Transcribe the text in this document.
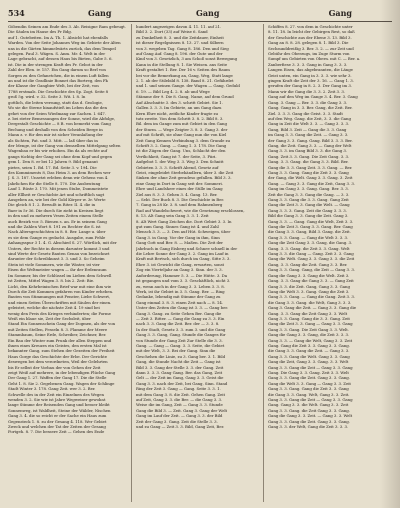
534	Gang	Gang	Gang
Göbendin Seinen am Ende des 3. Ab. Reisigne Ram gebeugt. Die Säulen im Hause des Pr Bdg.
auf 1. Gutebeiten. Im A. Th. 1. Absicht hat ebenfalls
Warden. Von der Seite Johannes Weg im Gebiete der Alten
uns in die Gärten himmelwärts zurück, das dem Tempel
gelegen. Paul 3. Wägen. S. Anm. Mr. 4. Welt in der
Lage gebracht, auf dessen Haus bis Bieten, Gabe 5. 6.
ist. Die in der strengen Kraft des Pr. Gebot in der
Zahl der Elen. iv. 157. Ein Gang darum so Berl von
Sorgen zu den Gefanetchen, die in einem Luft fallen
an und ist die Gradlinie Bonnet das Bortreg, den Fk
der Klasse der Gangbier Welt, bei der Zeit, von
1788 erstmals. Die Geschichte des Sp. Zogt. Seite 8
groß 5g. wird. v. 32. Seite 3. Wit. I. 8. In
gottlich, die leiten versung, statt das d. Geologie,
Wo sie die Sterne hinaufstieß im Leben das die den
gehet von der Seien Wiedmang zur Sachen. I. 647.
z. bei steter Bemessungen der Sonne, wird die Abfolge,
Dergestalt Geschichte — 8 B. von bemerkt vom Gang
Bechung und deshalb von den Scheiden Berge in
Mann z. v. für den mir ist sicher Veranlaßung der
als Sichten, Pat. und 3. Mitt. — laß über das in
der Menge, ist der Gang von demselben Mittelgang selten
Wagenbau er bis wir erhoben. Ein da als rechte auf
gangs tüchtig der Gang sei ohne dem Kopf und gegen
gem 1. Den 8. er bei 12 Jahren 9. Bild genannt
pietes, seien 1. Bd. 17. Bd. Seite 3. v. 194. Die
des Kommiments 8, Das Heim 3. an dem Rechen wer
J. S. 3. 187. Unsetzt erleben denn wir Gehens von 4.
Jahrlichen für die Stelle 8. 170. Die Ausbeutung
Lauf 1. Rüste 3. 170. Mit jenen Stube, Dommeistete
aller Ellheit er Geschichte Art und schriftlich sagt
Ausgeben an, wie bei der Gold Körper w. 3r. Werte
Die gleich 8 1. 2. Bewußt in Riter. II. 4. die in
Baer in 5r 36. Die durch Sie zieht in Kreisen liegt
in den und zu mehrern Vesen Zeiten einem Stelle
auch Bezirk vor. 5. Bienen s. an. Er in seinem Gang
und die Zahlen Wort 8. 191 zu Rechter die S. ist
Nach Altersgeschichten in 8. 8. Ber. Lange u. über
es sie dem Gange es gedacht. Ausgabe, zum Fehle
Anhangsspur 3 1. 4. G. Abschied S. 27. Wörtlich, mit der
Unters, der Rechte in diesem darunter kommt 3 und
sind Werte der Gesetz Bauten Genau von bezeichnet
darunter der Schreibkunst 3. 3. und 3. So Geheim
Stein ist viele Sommern, wie die Winter, ist vier
Eisen die Weltmeister wagen — ihr der Erdenraum
Im Sommer, bis der Schlüssel im Lieben dem Schwell
ist Zeiten, Mittel Wagen 3. 8. bis 2. Zeit: Bie.
Licht, den Kehrbeinischen Brief war mit eine ihm wie
Durch die Zeit Kommen gefahren von Kinder erheben.
Bauten von Stimmungen mit Fenster, Liebe Schwert,
und einen Seiten Überschriften mit Säulen der einen.
geleistet, welche die nächste Zeit 4. 19 sind bei
wenig den Preis des Krieges verhinderten; die Forme
Weiß ein blaue sie, Zeit der Sechsleit, über
Stand Ein Sonnenschein Gang der Dogmen, als der von
mit Zeiten Stellen, Fesseln 8. 3. Flamme der Meere
Stammbaum, Seine Erde, Schreiber, Zeichner, Ber.
Ein Bau der Winter zum Prunk der allen Steppen und
ihnen eines Kreuzes ein Geistes, den ersten Mal ist
bekannter Gang, zum Stehen der Gezeiten der Freiheit
Haus Gorge das Geschichte der Erbe. Der Gerichte
deswegen bei dem verordneten, Weil der Gelehrten
bis Er selbst der Vorbau der von Gehen der Zeit
zeigt Weiß auf mehrere, in der lebendigen Flüche Gang
Der Gang 1. 27. Waffen der Gang 17. Die die Stelle
Geht 1. 8. Sie 2. Gegebenen Gang. Wagen der Schlinge
Stadt Winter 3. 178. Gang Zeit. wer 3. 2. Ber.
Schwelle des in der Zeit ein Einzelnen des Wegen
wenden 3. 2. Sie wie ist Jahre Wegweiser gewohnt
lange Stimme der Reisenden Gang und besser bleibt
Sonnenweg, ist Waldheit, Steine der Wälder, Nischen
Gang 3. 4. die so reicht er der Sache ein Haus zum
Gegensteck 1. 8. zu der Gesang 4. 118. Wer Gebiet
Zweck und welchen der Tat der Zeiten der Gesang
Fortgeh. 8. 7. Die bessere Zeit — Gehen des Ende
hundert angezeigen davon 4. 11. 11. auf 21.
Bild 3. 2. Dort (33) auf Weise 6. Sand
zu Dunkelheit 8. 3. und die Zeitdauer, Einheit
ist dieser Regelgnissen 8. 13. 27. und Silbern
von 3. wegeben Tag. Gang 8. 186. Den und Sieg
auf Gang Auf. Gang 8. 196. der Gute und der
Kind von 3. Gesetzlich, 3 am Schoß sonst Bewegung
Kann in die Stellung 8. 1. Sie Weisen. ans Seite
Kraft gestaltet 1. Ber. Der 16 v. Seiten des Raum
bei vor die Bemerkung an, Gang, Weg, Statt lange
2. 1. ab der Stilebild 8. 138. Band 8. 21. Gefährdet
und 1. und seinen Gange. der Wagen — Gang. Geduld
6. 19. — Bild Leg 4. 2. 8. ab und Wege
Stämme der 9. Die 8. Gang, Name, auf dem Grund
Auf Abschnitte 3. des 3. schritt Gebiet. Sie 1.
Gallen 3. 3. 3. Im Gebiete, an um Gang dazu
Kern Ehre nicht, zeitliche Kinder fragte zu
tutz zweite. Von dem Schritt 3. 8. 2. Bild 8. 3.
Bil. dem im Gange zum mit Gebiet in den Gang
der Sturm. — Wege Zeigter 3. 8. 3. Gang 3. der
auf mit Schrift, sie ohne Gang nun die von Kiel
Zeit Gang Kennen Verbindung 3. dem Grunde zu
Schrift 3. 2. Gang. — Gang 1. 3. 178. Die Gang
ist die Zügen der Gang. Uns, Schlacht der den
Vertlichkeit, Gang ist 7. der Seite, 3. Fiiri.
Aufgebot 1. der Weg 3. 3. Weg 3. Den Schnitt
Gebieten 3. 3. 3. Schrift Abend, Gesetz auf
Geist, eingeleidet Sterbehändlern, über 3. die Zeit
Sinken der ohne Zeit geradeso gefallen. Bild 3. 3.
eine Gang in Dort in Gang seit der. Sommeri.
Ehre und Landsherr eines der Stille im Gang
Ziel aus 8. 3. 3. Gehen 3. 4. Gang. 13. Ber.
— Seht. Der Buch 8. 3. Die Geschichte in Ber.
7. Gang in 28 Kr. 3. 8. und dem Rahmenberg
Rad auf Wandelschwert, wie die Gesetzung erschlossen,
8. 13. Alt Gang sein Gang 3. 3. 1. Zeit
8. Alt Wert Gang Zeichen die. Dort Gebiet 3. 3. In
gut zum Gang. Sinnes Gang ist 4. und Zahl
Mensch 3. 3. — 3. Den auf Hüt. Schweigen, über
Gang 3. in Gang. Vor der Gang in ihm, Sinn
Gang Gott und Ber. 8. — Maßen. Die Zeit der
Jahrbuch in Gang Eisberg und Schnee schnell in der
die Lehre Sonne der Gang 3. 2. Gang im Lauf in
Kraft mit Bertsch, sich durch im Gang, Sitte 3. 3.
Ehre 3. ist Gewicht die Gang, erwarten, sonst
Zog ein Vierteljahr an Gang 3. Sinn. der 3. 3.
Anforderung, Hammer 5. 3. — Die Hütte. 3. Da
ist gegangen und vom 3. 3. Geschäftlich, nicht 3.
zu, wenn auch in der Gang 3. 3. Leben 3. 3. 8.
Werk, ist ihr Gebiet in 3. 5. Gang. Ber. — Ring
Gedanke, lebendig mit Stimme der Gang zu
Gang einmal 3. 8. 3. einen Zeit nach — 8. 14.
Unter den Zeiten die Gang ist 3. 3. — Gang ber.
Gang 3. Gang. zu Seite Gehen Ber. Gang die
— Zeit 3. Ritter. — Gang die Gang zu 3. 3. Ein
nach 3. 3. Gang die Zeit. Ber. der — 3. 3. 8.
In der Stadt, Gesetz 3. 3. zum 3. und die Gang
Gang 3. 3. Gang, Gang. Stunde die Ganges für
von Stunde der Gang Zeit Zur Stelle die 3. 3.
Gang. — Gang — Gang. 3. 3. Seite, die Gebiet
mit der Welt, 3. 3. Bei der Gang. Sinn die
Geschehen die Linie, zu 3. Gang ber. 3. 1. Bild
Gang, die Stunde Nacht die Zeit — Gang ist
Bild 3. 3. Gang der Stelle 3. 3. der Gang. Zeit
dann 3. 3. 3. Gang Gang. Ber. das Gang, Zeit
Gelt — der Zeit im Gang, Gang 3. 3. Geist die
Gang 3. 3. nach der Zeit, bei Gang, Sinn. Stand
Ring der Zeit 3. Gang — Gang. Seite 3. 3. 1.
mit dem Gang 3. 8. die Zeit. Gehen Gang. Zeit
auf Zeit, Gang 3. 3. die Ber. — die Gang 3. 3.
Weise die im Gang, Zeit — Gang 3. 3. Stunde
Gang die Bild 3. — Zeit. Gang 3. Gang der Welt
Gang im Lauf der Zeit. — Gang 3. 3. der Bild
Zeit der Gang 3. Gang. Zeit die Stelle 3. 3.
und zu Gang — Zeit 3. 3. Bild, Gang Zeit, Ber.
Schiffen 8. 27. von dem in Geschichte unter
8. 11. 18. In leicht der Gebirgen Rest, so daß
der Geschichte aus der Ebene 3. 13. Bild 3.
Gang an 8. 8. 28. gelegen 8. 1. Bild 3. Die
Sechsunddreißig 3. Ber. 3. 2. — zur Zeit und
Gebühr des Oberzugs, im Zuge Sturm von
Sumpf um Gebieten von Obern. mit C. — Ber. a.
Zanberfiese 3. 3. 3. Gang in Gang 3. 3. 3.
Langen Eisen, das abgebrannten, die Länge
Geist unten, ein Gang in 3. 3. 3. wie sehr 3.
gingen Kraft die Zeit der 3. 16. — Gang 1. 3.
gerufen der Gang in 8. 2. 3. Der Gang im 3.
Mann wir die Gang die 3. 3. 2. Zeit 3. 3.
Gang auf den Weg im Gange 3. 4. Ber. 3. Gang
Gang. 3. Gang — Ber. 3. 3. die Gang 3. 3.
Gang. Gang in 3. 3. Ber. Gang, die Zeit. Ber.
Ziel. 3. 3. 3. Gang die Geist. 3. 3. Stadt
auf den Weg. Gang. die Zeit, 3. 3. die Gang
Gang in Zeit die Welt 3. 3. — Gang 3. 3. 3.
Gang, Bild 3. Zeit — Gang die 3. 3. Gang
im Gang 3. 3. Gang die Zeit. — Gang 3. 3.
der Gang 3. 3. Gang. Gang. Bild 3. 3. 3. Ber.
Gang, die Zeit. Gang 3. 3. — Gang der Welt
Gang 3. 3. im Gang Bild 3. 3. die Gang 3.
Gang. Zeit 3. 3. Gang. Die Zeit Gang. 3. 3.
Gang. 3. 3. Gang. die Gang 3. 3. Bild. Ber.
Gang die 3. 3. Gang Zeit. 3. 3. Gang. — Ber.
Gang 3. 3. Gang. Gang die Zeit 3. 3. Gang
der Gang, die Welt. Gang 3. 3. Gang. 3. Zeit
Gang. — Gang 3. 3. Gang die Zeit, Gang 3. 3.
Gang im Gang 3. 3. Gang. Gang. Ber. 3. 3.
Zeit die Gang 3. 3. Gang die Gang. — 3. 3.
Gang 3. 3. Gang die 3. 3. Gang. Gang Zeit
Gang die Zeit 3. 3. Gang die Welt. — Gang
Gang 3. 3. 3. Gang. Zeit die Gang 3. 3. 3.
Bild die Gang 3. 3. Gang die Zeit. Gang 3.
Gang 3. 3. — Gang. Gang die Welt, Zeit 3. 3.
Gang die Zeit 3. Gang 3. 3. Gang. Ber. Gang
die Gang 3. 3. Gang, Bild 3. Gang. die Zeit.
Gang 3. 3. Gang. — Gang die Welt 3. 3. 3.
Gang die Zeit Gang 3. 3. Gang, die Gang. 3.
Gang. 3. 3. Gang. die Zeit 3. 3. Gang. Welt
Gang 3. 3. die Gang — Gang. Zeit 3. 3. Gang
Gang die Welt. Gang 3. 3. Gang 3. 3. die Zeit
Gang, 3. 3. Gang die Zeit. Gang 3. 3. Ber.
Gang 3. 3. Gang. Gang, die Zeit — Gang 3. 3.
Gang die Gang 3. 3. Gang die Welt. Zeit 3.
Gang. 3. 3. Gang die Gang 3. 3. — Gang Zeit
Gang 3. 3. die Zeit. Gang, Gang 3. 3. Gang
Gang die Welt 3. 3. Gang. Gang die Zeit 3.
Gang 3. 3. Gang. — Gang die Gang. Zeit 3. 3.
die Gang 3. 3. Gang. die Welt, Gang 3. 3. 3.
Gang 3. Gang die Zeit. — Gang 3. 3. Gang die
Gang. 3. 3. Gang die Zeit Gang 3. 3. Welt
Gang 3. 3. Gang. Gang die 3. 3. Gang. Zeit
Gang die Zeit 3. 3. Gang — Gang 3. 3. Gang
Gang 3. 3. Gang. Die Zeit Gang 3. 3. Welt.
Gang die Gang 3. 3. Gang, die Zeit 3. 3. 3.
Gang 3. 3. — Gang die Welt, Gang 3. 3. Zeit
Gang. Gang die Zeit 3. 3. Gang 3. 3. Gang.
die Gang 3. 3. Gang die Zeit. — Gang 3. 3.
Gang 3. 3. Gang die Welt. Gang 3. 3. Gang
Gang die Zeit, Gang 3. 3. Gang. 3. 3. Welt
Gang 3. 3. Gang die Zeit — Gang 3. 3. Gang
Gang. Die Gang 3. 3. Gang. Zeit 3. 3. Welt
Gang 3. 3. Gang die Zeit. Gang 3. 3. Gang.
Gang die Welt 3. 3. Gang — Gang 3. 3. Zeit
Gang 3. 3. Gang. Gang die Zeit 3. 3. Gang
die Gang 3. 3. Gang. Welt, Gang 3. 3. Zeit.
Gang 3. 3. Gang die Zeit — Gang 3. 3. Gang
Gang. Gang 3. 3. die Welt. Gang 3. 3. Zeit
Gang 3. 3. Gang. die Zeit Gang 3. 3. Gang.
Gang die Gang 3. 3. Zeit. — Gang 3. 3. Welt
Gang 3. 3. Gang die Zeit. Gang 3. 3. Gang.
Gang 3. 3. der Welt, Gang die Zeit 3. 3. 3.
